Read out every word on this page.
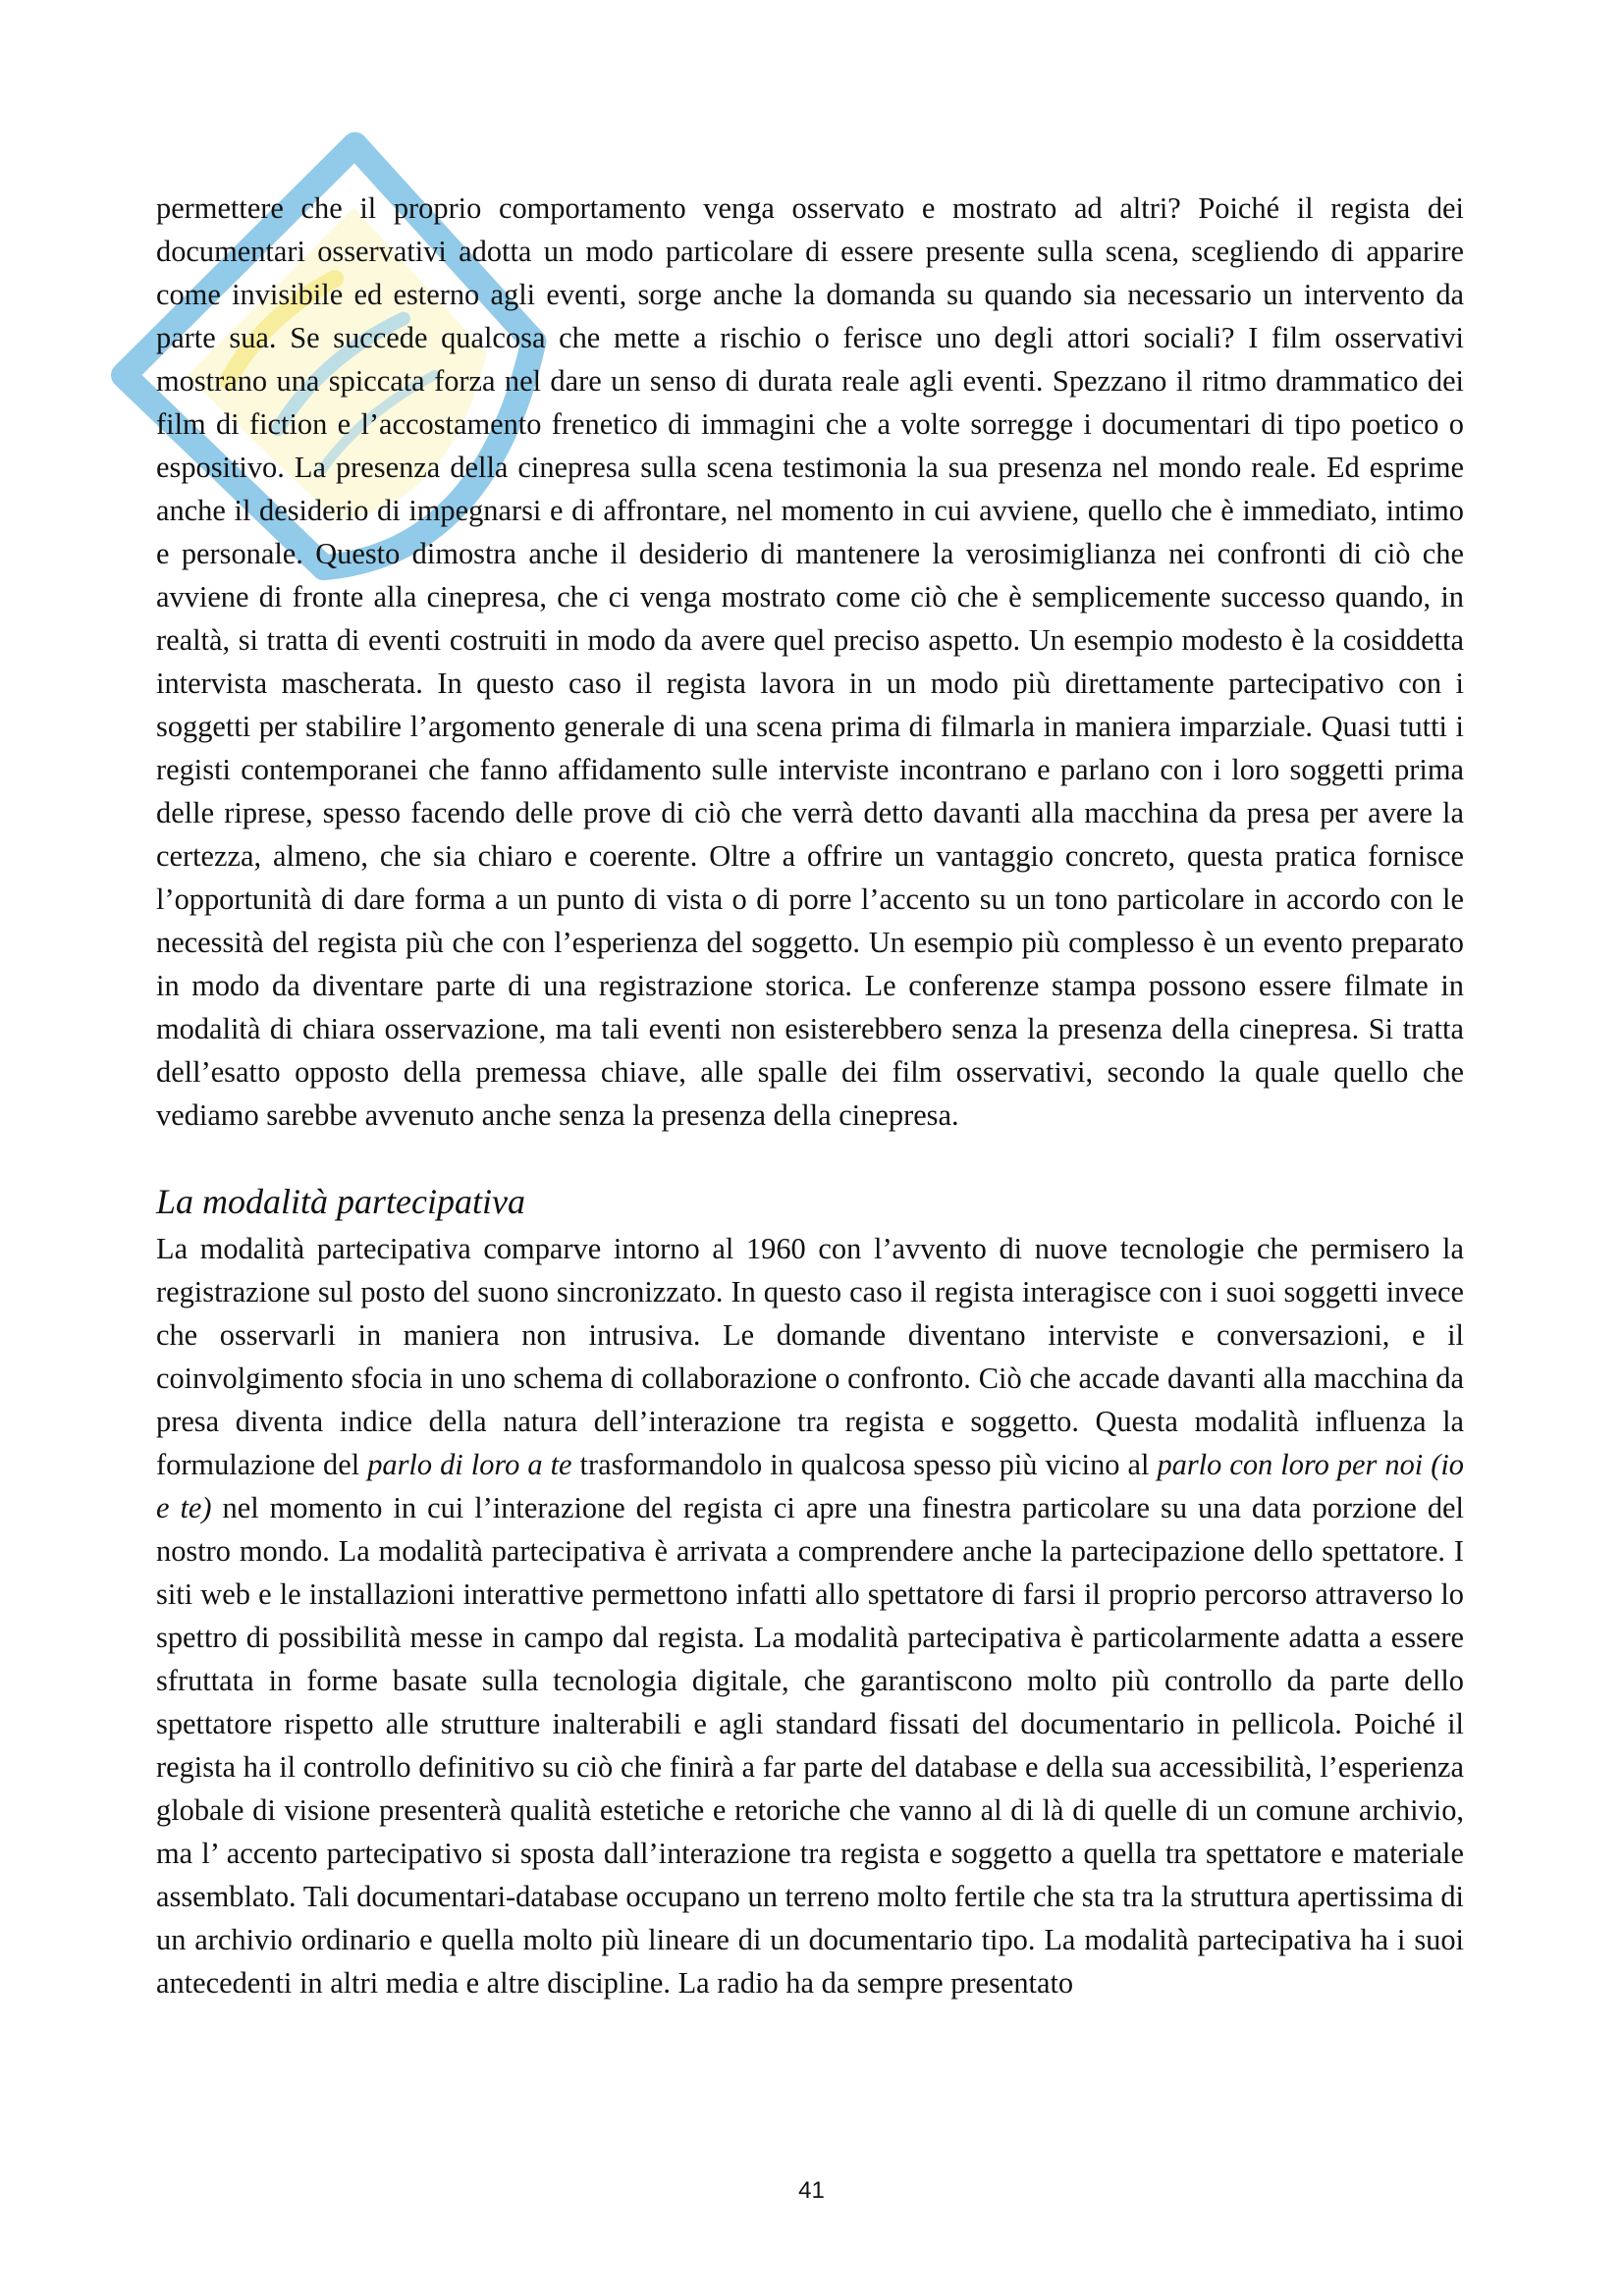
permettere che il proprio comportamento venga osservato e mostrato ad altri? Poiché il regista dei documentari osservativi adotta un modo particolare di essere presente sulla scena, scegliendo di apparire come invisibile ed esterno agli eventi, sorge anche la domanda su quando sia necessario un intervento da parte sua. Se succede qualcosa che mette a rischio o ferisce uno degli attori sociali? I film osservativi mostrano una spiccata forza nel dare un senso di durata reale agli eventi. Spezzano il ritmo drammatico dei film di fiction e l’accostamento frenetico di immagini che a volte sorregge i documentari di tipo poetico o espositivo. La presenza della cinepresa sulla scena testimonia la sua presenza nel mondo reale. Ed esprime anche il desiderio di impegnarsi e di affrontare, nel momento in cui avviene, quello che è immediato, intimo e personale. Questo dimostra anche il desiderio di mantenere la verosimiglianza nei confronti di ciò che avviene di fronte alla cinepresa, che ci venga mostrato come ciò che è semplicemente successo quando, in realtà, si tratta di eventi costruiti in modo da avere quel preciso aspetto. Un esempio modesto è la cosiddetta intervista mascherata. In questo caso il regista lavora in un modo più direttamente partecipativo con i soggetti per stabilire l’argomento generale di una scena prima di filmarla in maniera imparziale. Quasi tutti i registi contemporanei che fanno affidamento sulle interviste incontrano e parlano con i loro soggetti prima delle riprese, spesso facendo delle prove di ciò che verrà detto davanti alla macchina da presa per avere la certezza, almeno, che sia chiaro e coerente. Oltre a offrire un vantaggio concreto, questa pratica fornisce l’opportunità di dare forma a un punto di vista o di porre l’accento su un tono particolare in accordo con le necessità del regista più che con l’esperienza del soggetto. Un esempio più complesso è un evento preparato in modo da diventare parte di una registrazione storica. Le conferenze stampa possono essere filmate in modalità di chiara osservazione, ma tali eventi non esisterebbero senza la presenza della cinepresa. Si tratta dell’esatto opposto della premessa chiave, alle spalle dei film osservativi, secondo la quale quello che vediamo sarebbe avvenuto anche senza la presenza della cinepresa.

La modalità partecipativa

La modalità partecipativa comparve intorno al 1960 con l’avvento di nuove tecnologie che permisero la registrazione sul posto del suono sincronizzato. In questo caso il regista interagisce con i suoi soggetti invece che osservarli in maniera non intrusiva. Le domande diventano interviste e conversazioni, e il coinvolgimento sfocia in uno schema di collaborazione o confronto. Ciò che accade davanti alla macchina da presa diventa indice della natura dell’interazione tra regista e soggetto. Questa modalità influenza la formulazione del parlo di loro a te trasformandolo in qualcosa spesso più vicino al parlo con loro per noi (io e te) nel momento in cui l’interazione del regista ci apre una finestra particolare su una data porzione del nostro mondo. La modalità partecipativa è arrivata a comprendere anche la partecipazione dello spettatore. I siti web e le installazioni interattive permettono infatti allo spettatore di farsi il proprio percorso attraverso lo spettro di possibilità messe in campo dal regista. La modalità partecipativa è particolarmente adatta a essere sfruttata in forme basate sulla tecnologia digitale, che garantiscono molto più controllo da parte dello spettatore rispetto alle strutture inalterabili e agli standard fissati del documentario in pellicola. Poiché il regista ha il controllo definitivo su ciò che finirà a far parte del database e della sua accessibilità, l’esperienza globale di visione presenterà qualità estetiche e retoriche che vanno al di là di quelle di un comune archivio, ma l’ accento partecipativo si sposta dall’interazione tra regista e soggetto a quella tra spettatore e materiale assemblato. Tali documentari-database occupano un terreno molto fertile che sta tra la struttura apertissima di un archivio ordinario e quella molto più lineare di un documentario tipo. La modalità partecipativa ha i suoi antecedenti in altri media e altre discipline. La radio ha da sempre presentato

41
